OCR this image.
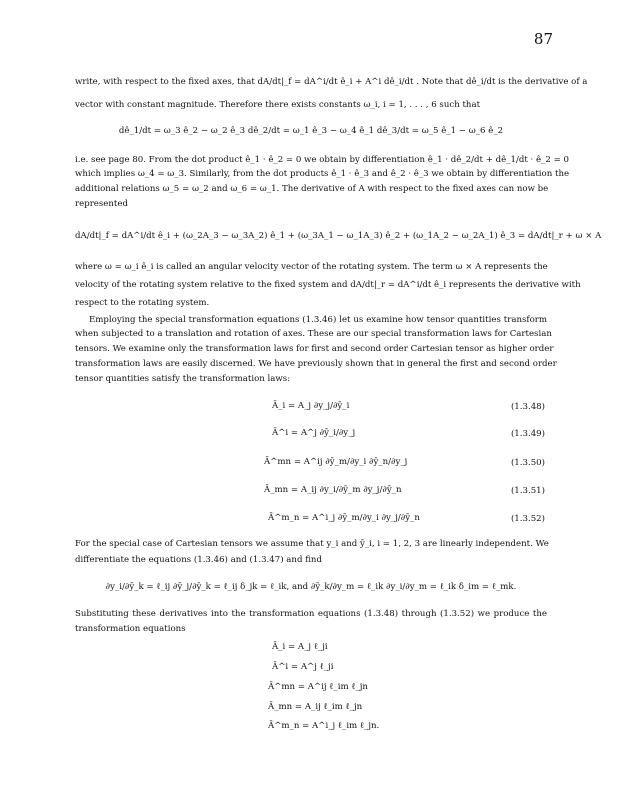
87
write, with respect to the fixed axes, that dA/dt|_f = dA^i/dt ê_i + A^i dê_i/dt . Note that dê_i/dt is the derivative of a
vector with constant magnitude. Therefore there exists constants ω_i, i = 1, . . . , 6 such that
dê_1/dt = ω_3 ê_2 − ω_2 ê_3 dê_2/dt = ω_1 ê_3 − ω_4 ê_1 dê_3/dt = ω_5 ê_1 − ω_6 ê_2
i.e. see page 80. From the dot product ê_1 · ê_2 = 0 we obtain by differentiation ê_1 · dê_2/dt + dê_1/dt · ê_2 = 0
which implies ω_4 = ω_3. Similarly, from the dot products ê_1 · ê_3 and ê_2 · ê_3 we obtain by differentiation the
additional relations ω_5 = ω_2 and ω_6 = ω_1. The derivative of A with respect to the fixed axes can now be
represented
dA/dt|_f = dA^i/dt ê_i + (ω_2A_3 − ω_3A_2) ê_1 + (ω_3A_1 − ω_1A_3) ê_2 + (ω_1A_2 − ω_2A_1) ê_3 = dA/dt|_r + ω × A
where ω = ω_i ê_i is called an angular velocity vector of the rotating system. The term ω × A represents the
velocity of the rotating system relative to the fixed system and dA/dt|_r = dA^i/dt ê_i represents the derivative with
respect to the rotating system.
Employing the special transformation equations (1.3.46) let us examine how tensor quantities transform
when subjected to a translation and rotation of axes. These are our special transformation laws for Cartesian
tensors. We examine only the transformation laws for first and second order Cartesian tensor as higher order
transformation laws are easily discerned. We have previously shown that in general the first and second order
tensor quantities satisfy the transformation laws:
Ā_i = A_j ∂y_j/∂ȳ_i	(1.3.48)
Ā^i = A^j ∂ȳ_i/∂y_j	(1.3.49)
Ā^mn = A^ij ∂ȳ_m/∂y_i ∂ȳ_n/∂y_j	(1.3.50)
Ā_mn = A_ij ∂y_i/∂ȳ_m ∂y_j/∂ȳ_n	(1.3.51)
Ā^m_n = A^i_j ∂ȳ_m/∂y_i ∂y_j/∂ȳ_n	(1.3.52)
For the special case of Cartesian tensors we assume that y_i and ȳ_i, i = 1, 2, 3 are linearly independent. We
differentiate the equations (1.3.46) and (1.3.47) and find
∂y_i/∂ȳ_k = ℓ_ij ∂ȳ_j/∂ȳ_k = ℓ_ij δ_jk = ℓ_ik, and ∂ȳ_k/∂y_m = ℓ_ik ∂y_i/∂y_m = ℓ_ik δ_im = ℓ_mk.
Substituting these derivatives into the transformation equations (1.3.48) through (1.3.52) we produce the
transformation equations
Ā_i = A_j ℓ_ji
Ā^i = A^j ℓ_ji
Ā^mn = A^ij ℓ_im ℓ_jn
Ā_mn = A_ij ℓ_im ℓ_jn
Ā^m_n = A^i_j ℓ_im ℓ_jn.
